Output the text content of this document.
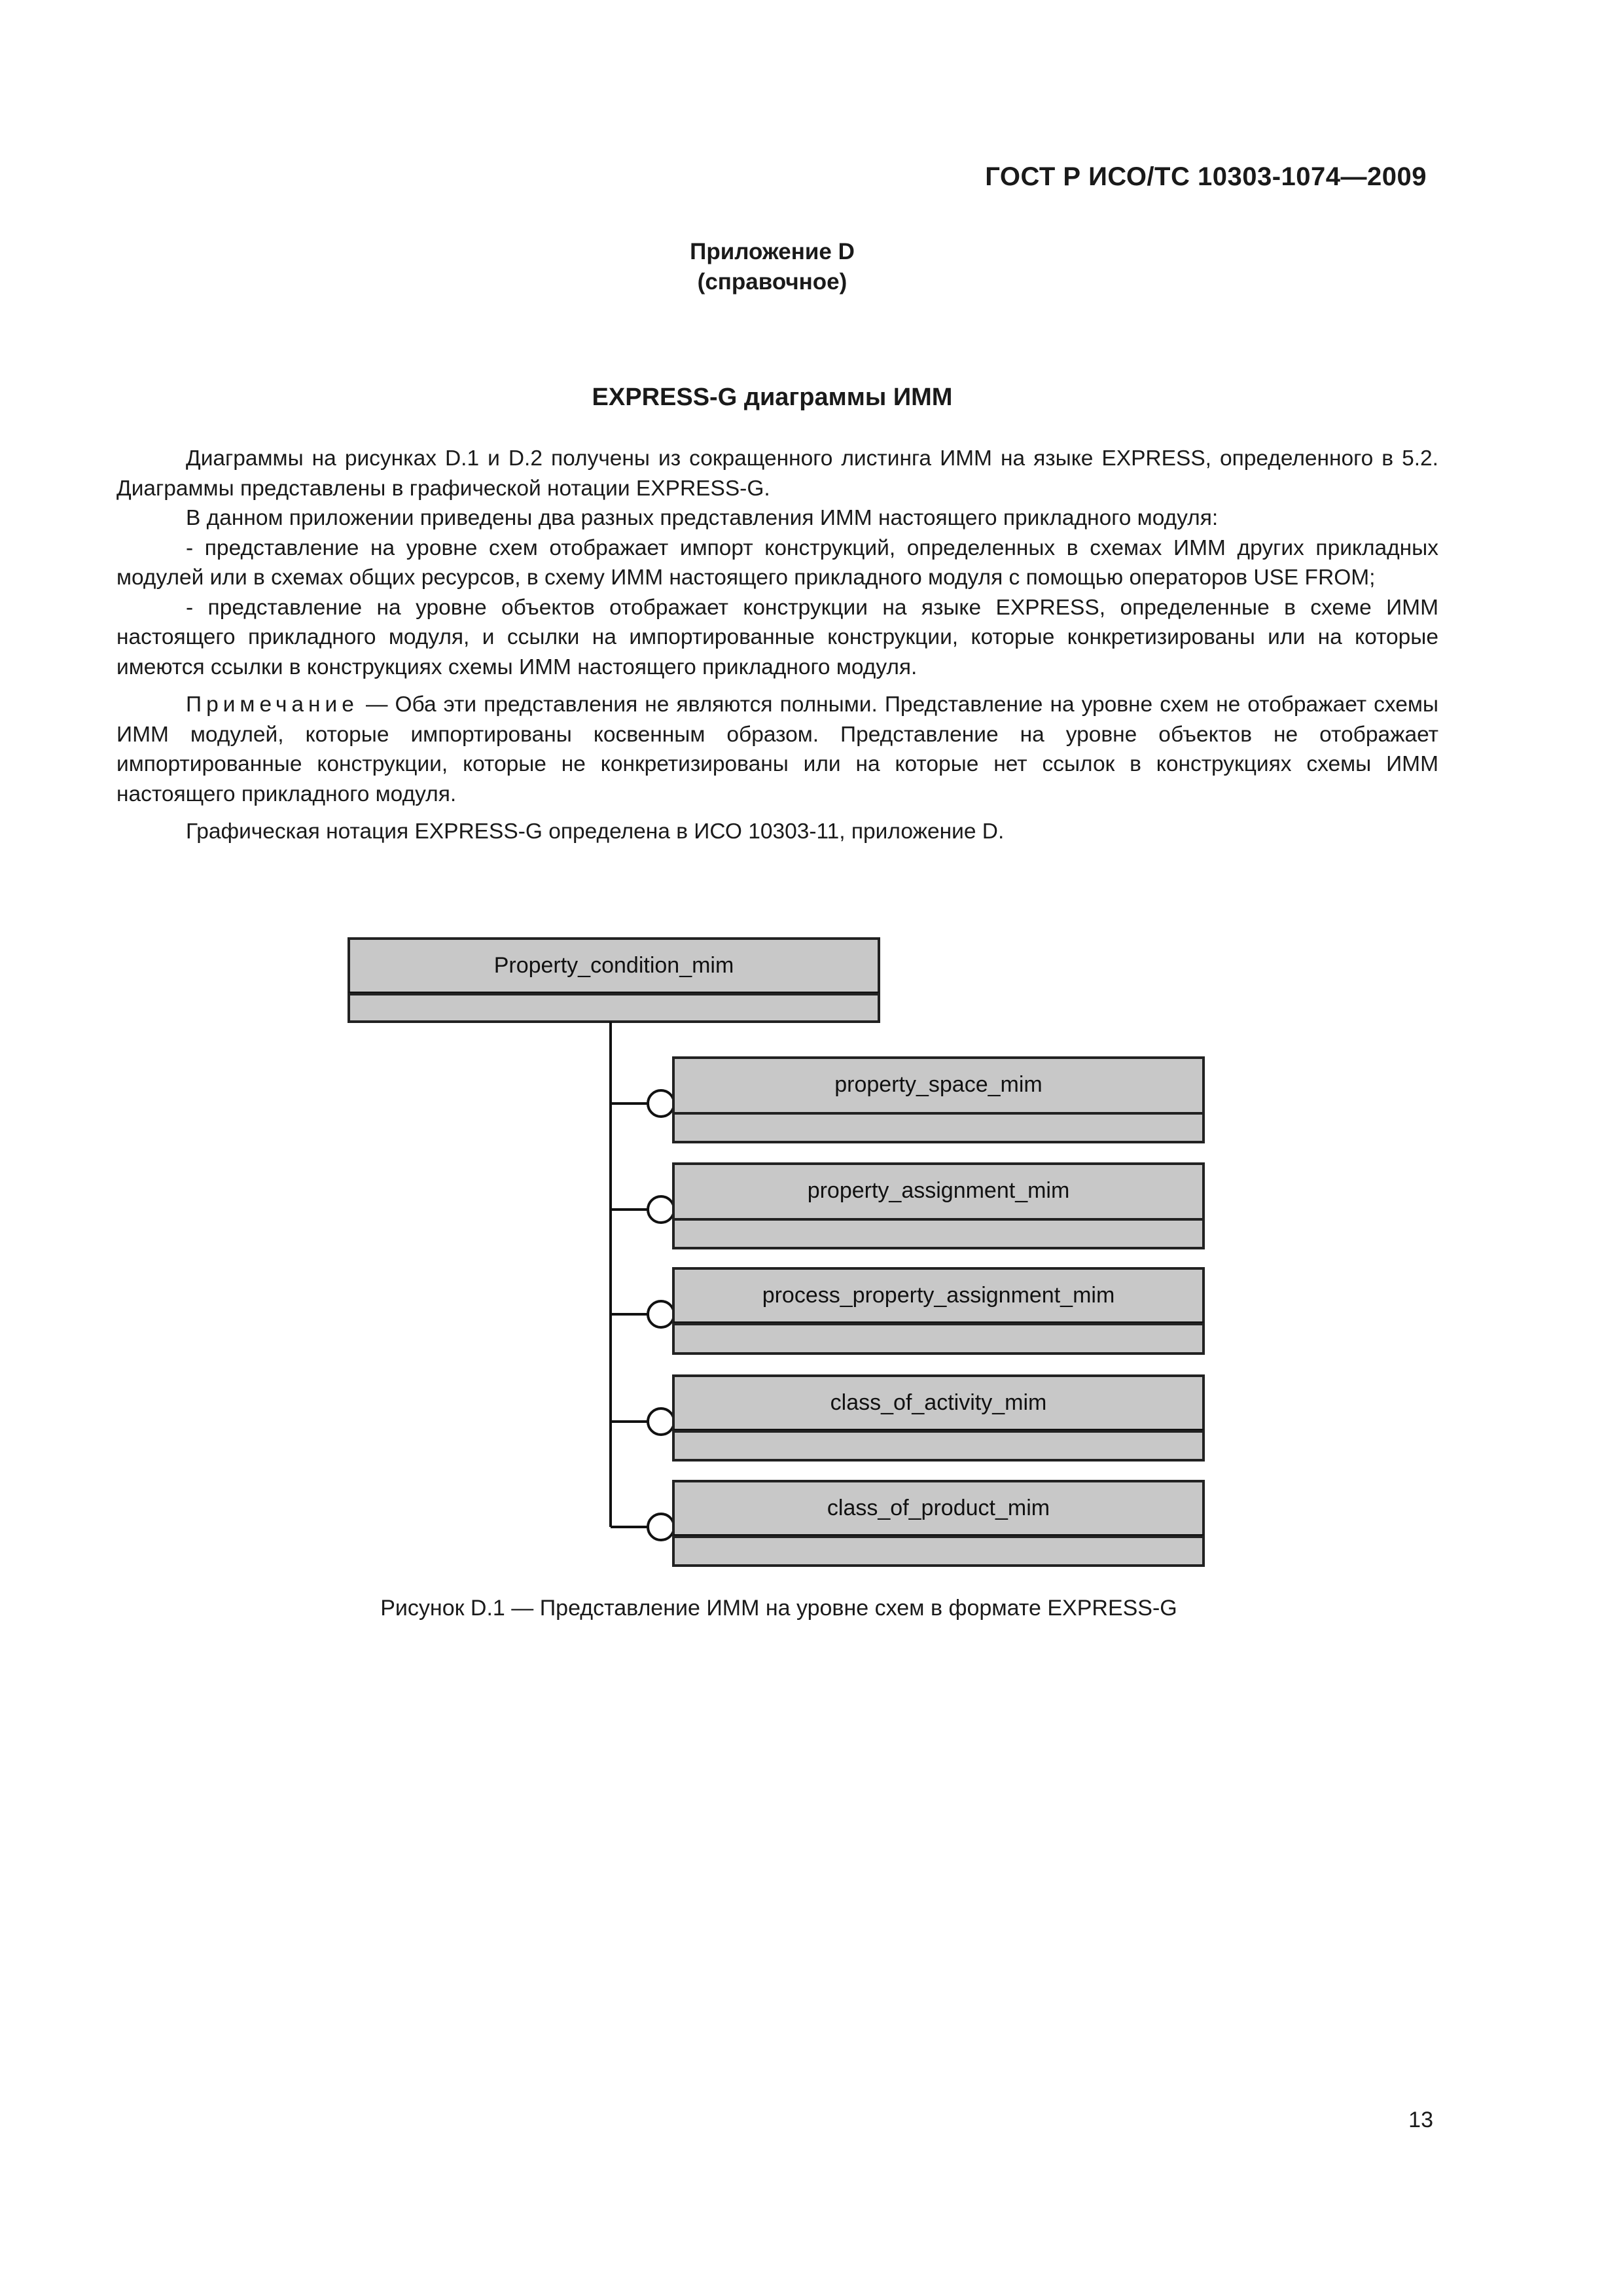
ГОСТ Р ИСО/ТС 10303-1074—2009
Приложение D
(справочное)
EXPRESS-G диаграммы ИММ

Диаграммы на рисунках D.1 и D.2 получены из сокращенного листинга ИММ на языке EXPRESS, определенного в 5.2. Диаграммы представлены в графической нотации EXPRESS-G.

В данном приложении приведены два разных представления ИММ настоящего прикладного модуля:

- представление на уровне схем отображает импорт конструкций, определенных в схемах ИММ других прикладных модулей или в схемах общих ресурсов, в схему ИММ настоящего прикладного модуля с помощью операторов USE FROM;

- представление на уровне объектов отображает конструкции на языке EXPRESS, определенные в схеме ИММ настоящего прикладного модуля, и ссылки на импортированные конструкции, которые конкретизированы или на которые имеются ссылки в конструкциях схемы ИММ настоящего прикладного модуля.

Примечание — Оба эти представления не являются полными. Представление на уровне схем не отображает схемы ИММ модулей, которые импортированы косвенным образом. Представление на уровне объектов не отображает импортированные конструкции, которые не конкретизированы или на которые нет ссылок в конструкциях схемы ИММ настоящего прикладного модуля.

Графическая нотация EXPRESS-G определена в ИСО 10303-11, приложение D.

Property_condition_mim
property_space_mim
property_assignment_mim
process_property_assignment_mim
class_of_activity_mim
class_of_product_mim
Рисунок D.1 — Представление ИММ на уровне схем в формате EXPRESS-G
13
